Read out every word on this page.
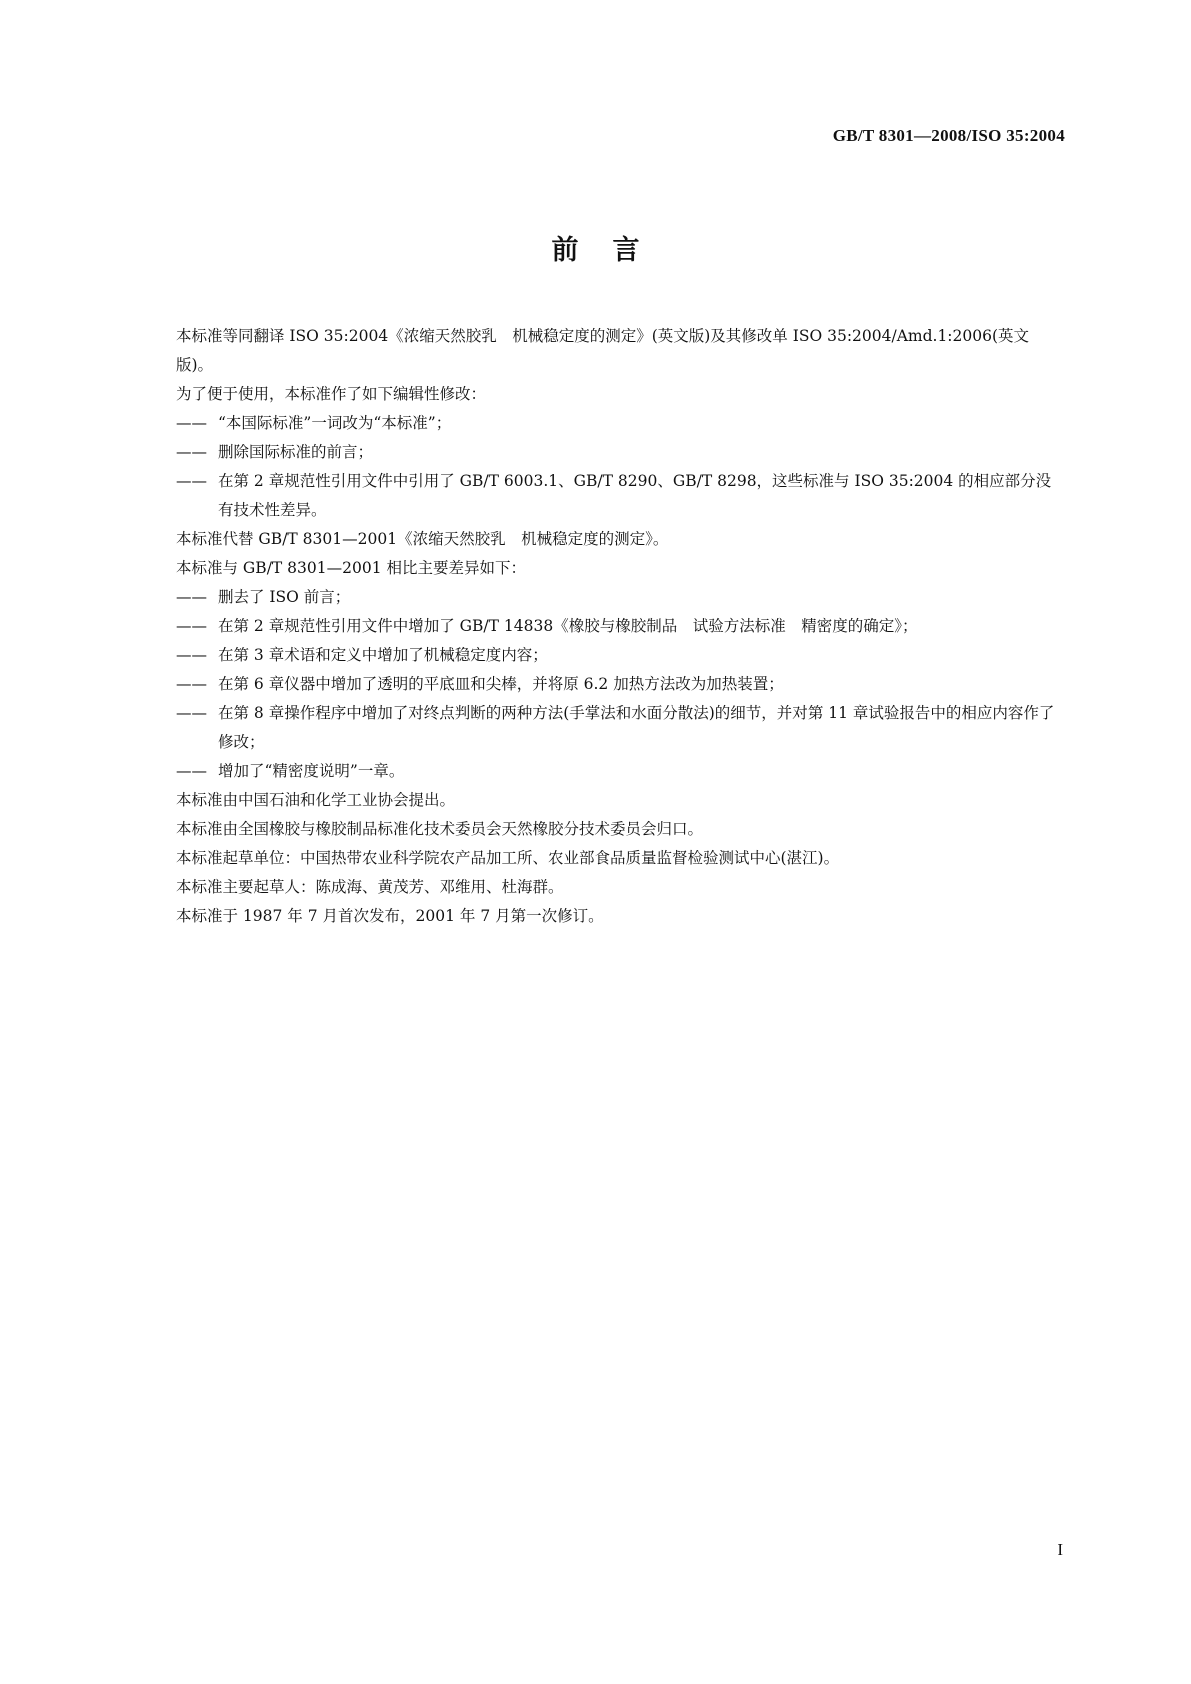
GB/T 8301—2008/ISO 35:2004
前言

本标准等同翻译 ISO 35:2004《浓缩天然胶乳　机械稳定度的测定》(英文版)及其修改单 ISO 35:2004/Amd.1:2006(英文版)。

为了便于使用，本标准作了如下编辑性修改：

—— “本国际标准”一词改为“本标准”；

—— 删除国际标准的前言；

—— 在第 2 章规范性引用文件中引用了 GB/T 6003.1、GB/T 8290、GB/T 8298，这些标准与 ISO 35:2004 的相应部分没有技术性差异。

本标准代替 GB/T 8301—2001《浓缩天然胶乳　机械稳定度的测定》。

本标准与 GB/T 8301—2001 相比主要差异如下：

—— 删去了 ISO 前言；

—— 在第 2 章规范性引用文件中增加了 GB/T 14838《橡胶与橡胶制品　试验方法标准　精密度的确定》；

—— 在第 3 章术语和定义中增加了机械稳定度内容；

—— 在第 6 章仪器中增加了透明的平底皿和尖棒，并将原 6.2 加热方法改为加热装置；

—— 在第 8 章操作程序中增加了对终点判断的两种方法(手掌法和水面分散法)的细节，并对第 11 章试验报告中的相应内容作了修改；

—— 增加了“精密度说明”一章。

本标准由中国石油和化学工业协会提出。

本标准由全国橡胶与橡胶制品标准化技术委员会天然橡胶分技术委员会归口。

本标准起草单位：中国热带农业科学院农产品加工所、农业部食品质量监督检验测试中心(湛江)。

本标准主要起草人：陈成海、黄茂芳、邓维用、杜海群。

本标准于 1987 年 7 月首次发布，2001 年 7 月第一次修订。

I
